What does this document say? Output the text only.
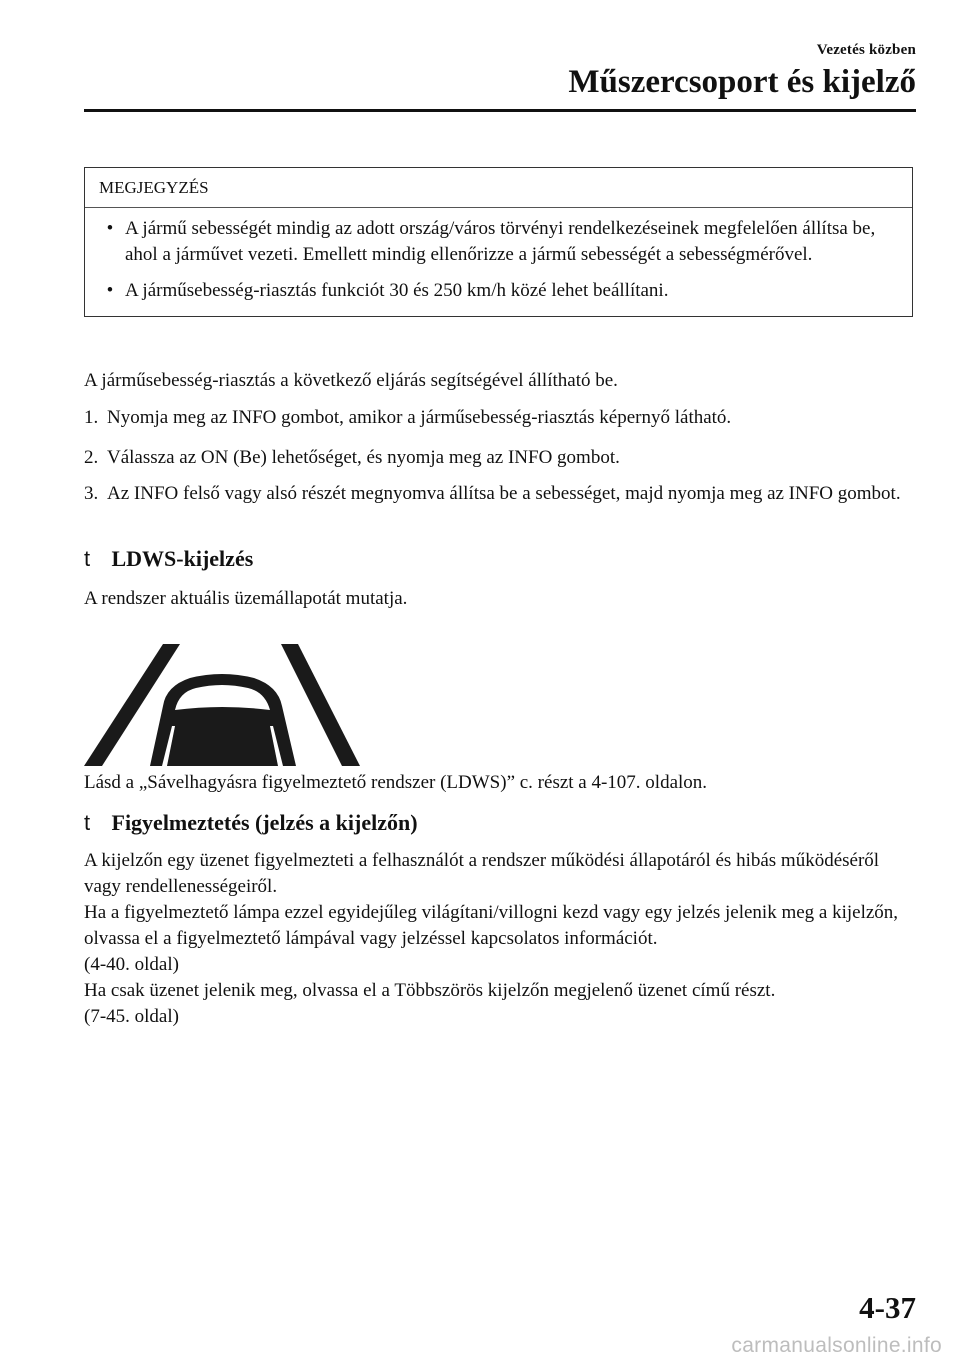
Vezetés közben
Műszercsoport és kijelző
MEGJEGYZÉS
• A jármű sebességét mindig az adott ország/város törvényi rendelkezéseinek megfelelően állítsa be, ahol a járművet vezeti. Emellett mindig ellenőrizze a jármű sebességét a sebességmérővel.
• A járműsebesség-riasztás funkciót 30 és 250 km/h közé lehet beállítani.
A járműsebesség-riasztás a következő eljárás segítségével állítható be.
1. Nyomja meg az INFO gombot, amikor a járműsebesség-riasztás képernyő látható.
2. Válassza az ON (Be) lehetőséget, és nyomja meg az INFO gombot.
3. Az INFO felső vagy alsó részét megnyomva állítsa be a sebességet, majd nyomja meg az INFO gombot.
t LDWS-kijelzés
A rendszer aktuális üzemállapotát mutatja.
Lásd a „Sávelhagyásra figyelmeztető rendszer (LDWS)” c. részt a 4-107. oldalon.
t Figyelmeztetés (jelzés a kijelzőn)
A kijelzőn egy üzenet figyelmezteti a felhasználót a rendszer működési állapotáról és hibás működéséről vagy rendellenességeiről.
Ha a figyelmeztető lámpa ezzel egyidejűleg világítani/villogni kezd vagy egy jelzés jelenik meg a kijelzőn, olvassa el a figyelmeztető lámpával vagy jelzéssel kapcsolatos információt.
(4-40. oldal)
Ha csak üzenet jelenik meg, olvassa el a Többszörös kijelzőn megjelenő üzenet című részt.
(7-45. oldal)
4-37
carmanualsonline.info
